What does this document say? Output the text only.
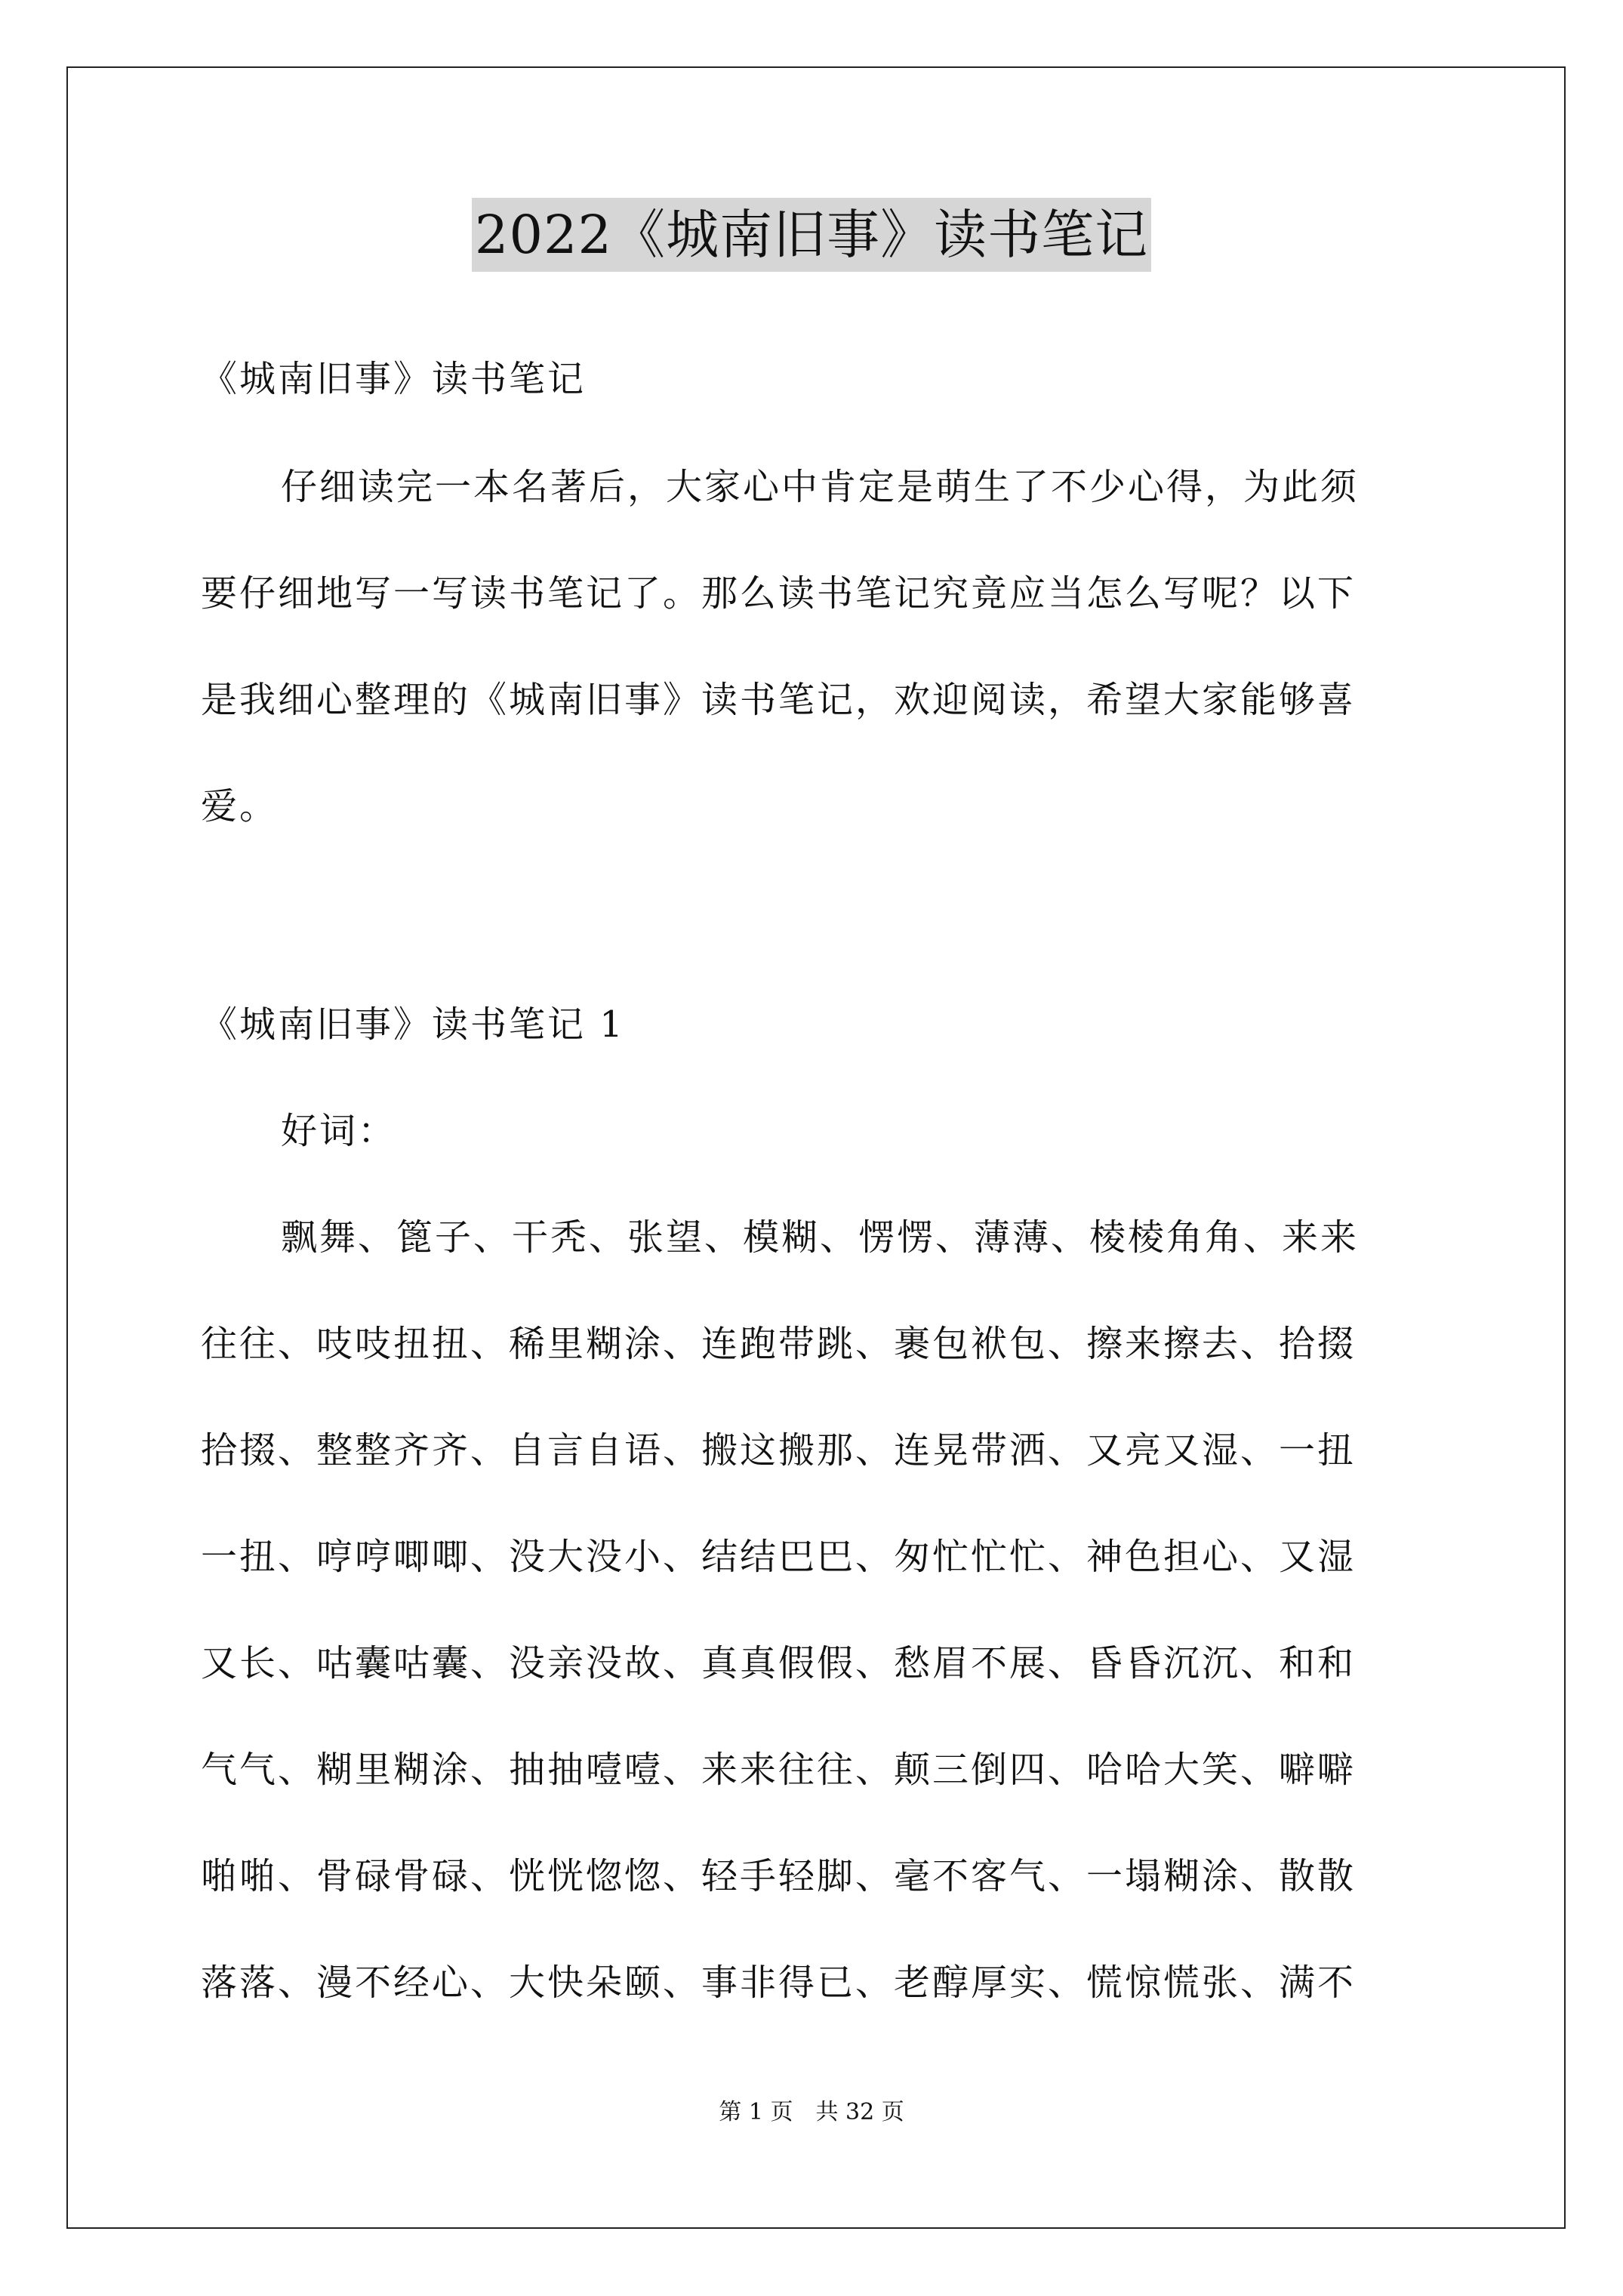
2022《城南旧事》读书笔记
《城南旧事》读书笔记
仔细读完一本名著后，大家心中肯定是萌生了不少心得，为此须
要仔细地写一写读书笔记了。那么读书笔记究竟应当怎么写呢？以下
是我细心整理的《城南旧事》读书笔记，欢迎阅读，希望大家能够喜
爱。
《城南旧事》读书笔记 1
好词：
飘舞、篦子、干秃、张望、模糊、愣愣、薄薄、棱棱角角、来来
往往、吱吱扭扭、稀里糊涂、连跑带跳、裹包袱包、擦来擦去、拾掇
拾掇、整整齐齐、自言自语、搬这搬那、连晃带洒、又亮又湿、一扭
一扭、哼哼唧唧、没大没小、结结巴巴、匆忙忙忙、神色担心、又湿
又长、咕囊咕囊、没亲没故、真真假假、愁眉不展、昏昏沉沉、和和
气气、糊里糊涂、抽抽噎噎、来来往往、颠三倒四、哈哈大笑、噼噼
啪啪、骨碌骨碌、恍恍惚惚、轻手轻脚、毫不客气、一塌糊涂、散散
落落、漫不经心、大快朵颐、事非得已、老醇厚实、慌惊慌张、满不
第 1 页　共 32 页
